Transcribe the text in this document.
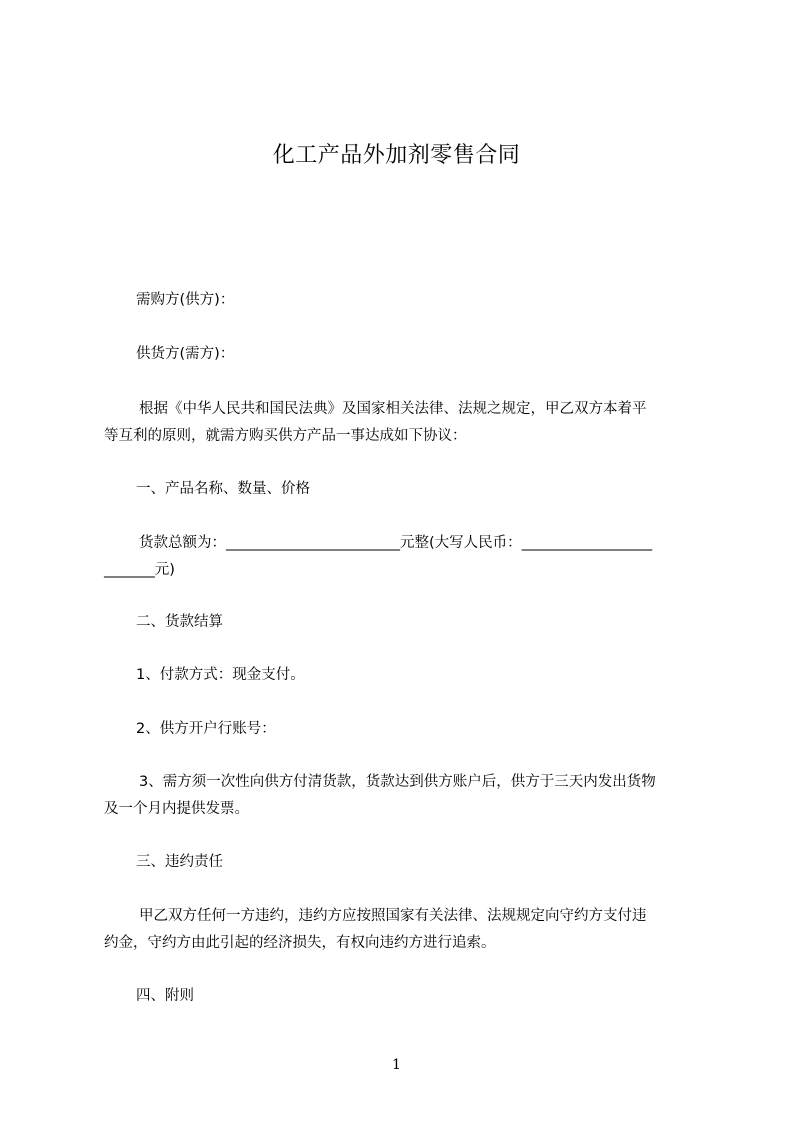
化工产品外加剂零售合同
需购方(供方)：
供货方(需方)：
根据《中华人民共和国民法典》及国家相关法律、法规之规定，甲乙双方本着平
等互利的原则，就需方购买供方产品一事达成如下协议：
一、产品名称、数量、价格
货款总额为：________________________元整(大写人民币：__________________
_______元)
二、货款结算
1、付款方式：现金支付。
2、供方开户行账号：
3、需方须一次性向供方付清货款，货款达到供方账户后，供方于三天内发出货物
及一个月内提供发票。
三、违约责任
甲乙双方任何一方违约，违约方应按照国家有关法律、法规规定向守约方支付违
约金，守约方由此引起的经济损失，有权向违约方进行追索。
四、附则
1
